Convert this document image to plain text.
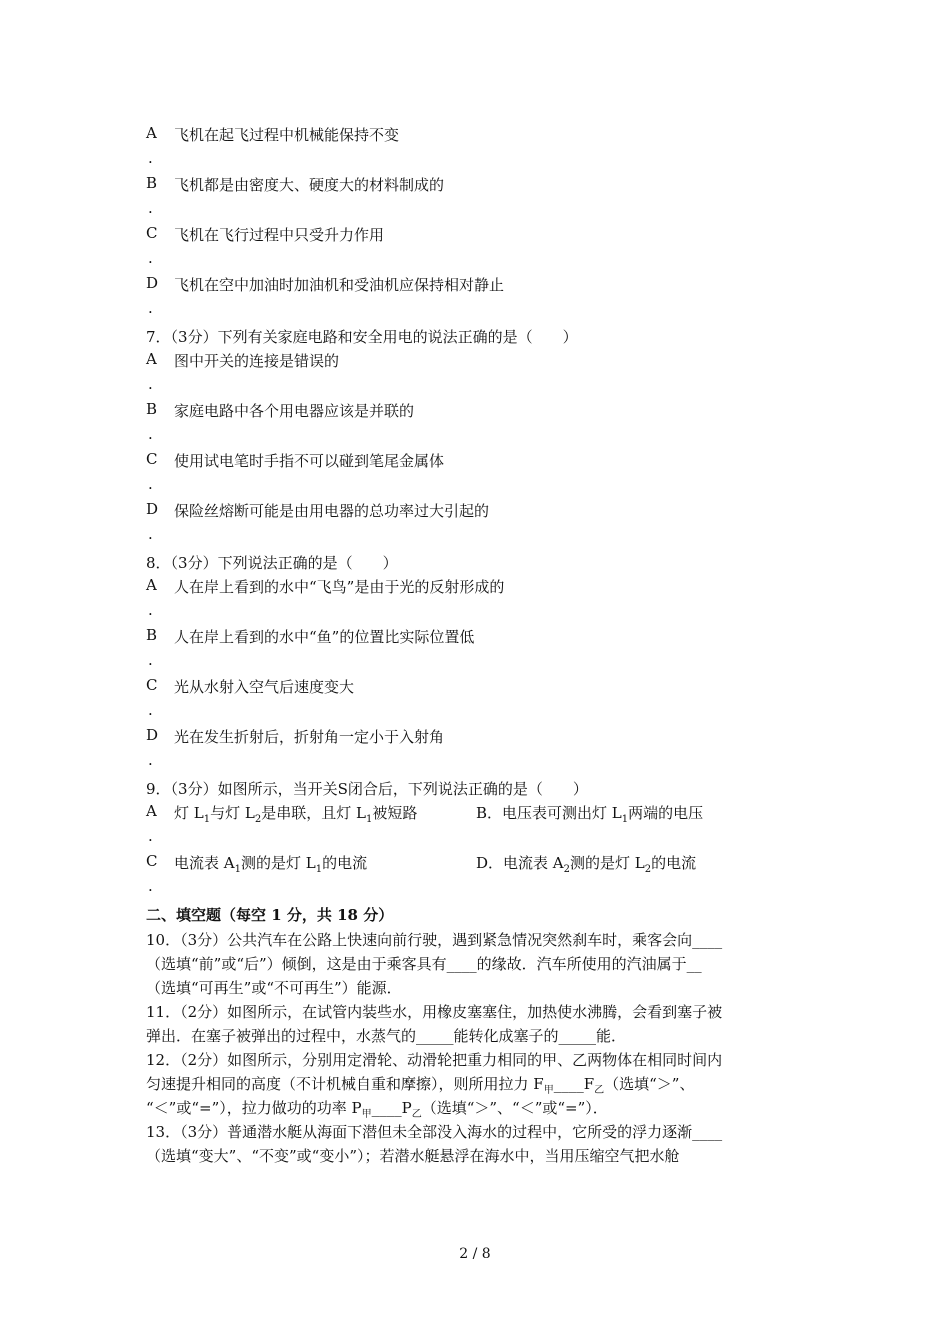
A 飞机在起飞过程中机械能保持不变
.
B 飞机都是由密度大、硬度大的材料制成的
.
C 飞机在飞行过程中只受升力作用
.
D 飞机在空中加油时加油机和受油机应保持相对静止
.
7．（3分）下列有关家庭电路和安全用电的说法正确的是（　　）
A 图中开关的连接是错误的
.
B 家庭电路中各个用电器应该是并联的
.
C 使用试电笔时手指不可以碰到笔尾金属体
.
D 保险丝熔断可能是由用电器的总功率过大引起的
.
8．（3分）下列说法正确的是（　　）
A 人在岸上看到的水中“飞鸟”是由于光的反射形成的
.
B 人在岸上看到的水中“鱼”的位置比实际位置低
.
C 光从水射入空气后速度变大
.
D 光在发生折射后，折射角一定小于入射角
.
9．（3分）如图所示，当开关S闭合后，下列说法正确的是（　　）
A 灯 $L_1$与灯 $L_2$是串联，且灯 $L_1$被短路	B．电压表可测出灯 $L_1$两端的电压
.
C 电流表 $A_1$测的是灯 $L_1$的电流	D．电流表 $A_2$测的是灯 $L_2$的电流
.
二、填空题（每空 1 分，共 18 分）
10．（3分）公共汽车在公路上快速向前行驶，遇到紧急情况突然刹车时，乘客会向____
（选填“前”或“后”）倾倒，这是由于乘客具有____的缘故．汽车所使用的汽油属于__
（选填“可再生”或“不可再生”）能源．
11．（2分）如图所示，在试管内装些水，用橡皮塞塞住，加热使水沸腾，会看到塞子被
弹出．在塞子被弹出的过程中，水蒸气的_____能转化成塞子的_____能．
12．（2分）如图所示，分别用定滑轮、动滑轮把重力相同的甲、乙两物体在相同时间内
匀速提升相同的高度（不计机械自重和摩擦），则所用拉力 $F_甲\_\_\_\_F_乙$（选填“＞”、
“＜”或“=”），拉力做功的功率 $P_甲\_\_\_\_P_乙$（选填“＞”、“＜”或“=”）．
13．（3分）普通潜水艇从海面下潜但未全部没入海水的过程中，它所受的浮力逐渐____
（选填“变大”、“不变”或“变小”）；若潜水艇悬浮在海水中，当用压缩空气把水舱
2 / 8
